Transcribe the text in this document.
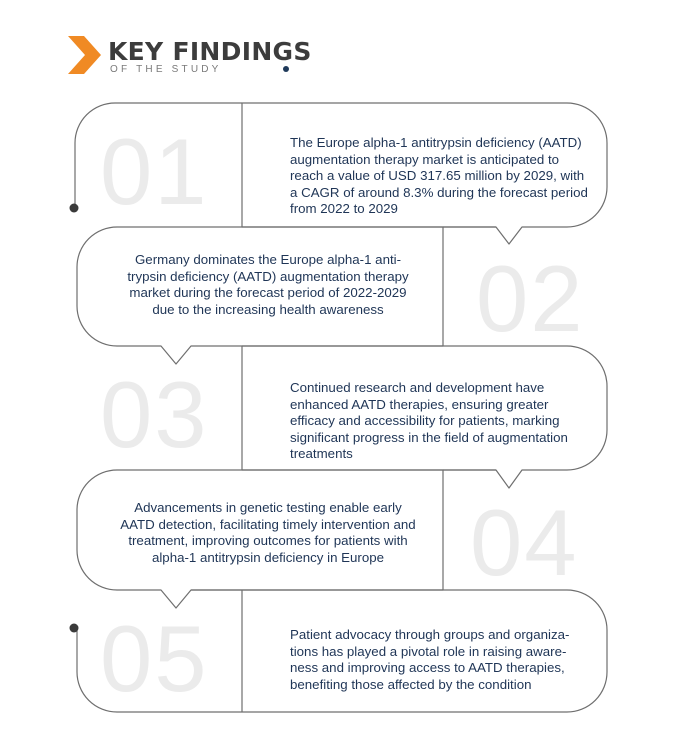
KEY FINDINGS
OF THE STUDY
01
02
03
04
05
The Europe alpha-1 antitrypsin deficiency (AATD) augmentation therapy market is anticipated to reach a value of USD 317.65 million by 2029, with a CAGR of around 8.3% during the forecast period from 2022 to 2029
Germany dominates the Europe alpha-1 anti-trypsin deficiency (AATD) augmentation therapy market during the forecast period of 2022-2029 due to the increasing health awareness
Continued research and development have enhanced AATD therapies, ensuring greater efficacy and accessibility for patients, marking significant progress in the field of augmentation treatments
Advancements in genetic testing enable early AATD detection, facilitating timely intervention and treatment, improving outcomes for patients with alpha-1 antitrypsin deficiency in Europe
Patient advocacy through groups and organiza-tions has played a pivotal role in raising aware-ness and improving access to AATD therapies, benefiting those affected by the condition
